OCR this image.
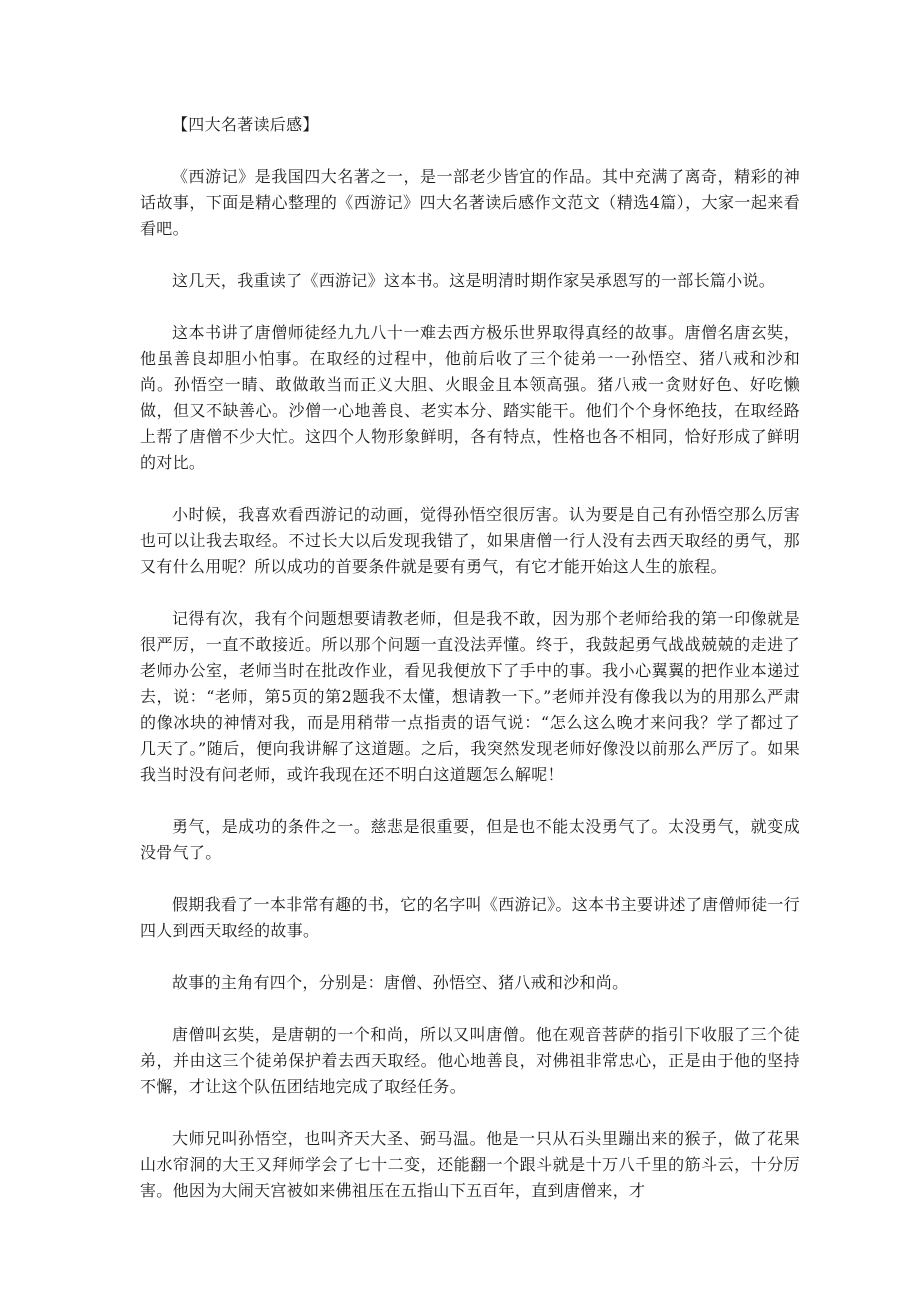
【四大名著读后感】

《西游记》是我国四大名著之一，是一部老少皆宜的作品。其中充满了离奇，精彩的神话故事，下面是精心整理的《西游记》四大名著读后感作文范文（精选4篇），大家一起来看看吧。

这几天，我重读了《西游记》这本书。这是明清时期作家吴承恩写的一部长篇小说。

这本书讲了唐僧师徒经九九八十一难去西方极乐世界取得真经的故事。唐僧名唐玄奘，他虽善良却胆小怕事。在取经的过程中，他前后收了三个徒弟一一孙悟空、猪八戒和沙和尚。孙悟空一睛、敢做敢当而正义大胆、火眼金且本领高强。猪八戒一贪财好色、好吃懒做，但又不缺善心。沙僧一心地善良、老实本分、踏实能干。他们个个身怀绝技，在取经路上帮了唐僧不少大忙。这四个人物形象鲜明，各有特点，性格也各不相同，恰好形成了鲜明的对比。

小时候，我喜欢看西游记的动画，觉得孙悟空很厉害。认为要是自己有孙悟空那么厉害也可以让我去取经。不过长大以后发现我错了，如果唐僧一行人没有去西天取经的勇气，那又有什么用呢？所以成功的首要条件就是要有勇气，有它才能开始这人生的旅程。

记得有次，我有个问题想要请教老师，但是我不敢，因为那个老师给我的第一印像就是很严厉，一直不敢接近。所以那个问题一直没法弄懂。终于，我鼓起勇气战战兢兢的走进了老师办公室，老师当时在批改作业，看见我便放下了手中的事。我小心翼翼的把作业本递过去，说：“老师，第5页的第2题我不太懂，想请教一下。”老师并没有像我以为的用那么严肃的像冰块的神情对我，而是用稍带一点指责的语气说：“怎么这么晚才来问我？学了都过了几天了。”随后，便向我讲解了这道题。之后，我突然发现老师好像没以前那么严厉了。如果我当时没有问老师，或许我现在还不明白这道题怎么解呢！

勇气，是成功的条件之一。慈悲是很重要，但是也不能太没勇气了。太没勇气，就变成没骨气了。

假期我看了一本非常有趣的书，它的名字叫《西游记》。这本书主要讲述了唐僧师徒一行四人到西天取经的故事。

故事的主角有四个，分别是：唐僧、孙悟空、猪八戒和沙和尚。

唐僧叫玄奘，是唐朝的一个和尚，所以又叫唐僧。他在观音菩萨的指引下收服了三个徒弟，并由这三个徒弟保护着去西天取经。他心地善良，对佛祖非常忠心，正是由于他的坚持不懈，才让这个队伍团结地完成了取经任务。

大师兄叫孙悟空，也叫齐天大圣、弼马温。他是一只从石头里蹦出来的猴子，做了花果山水帘洞的大王又拜师学会了七十二变，还能翻一个跟斗就是十万八千里的筋斗云，十分厉害。他因为大闹天宫被如来佛祖压在五指山下五百年，直到唐僧来，才
